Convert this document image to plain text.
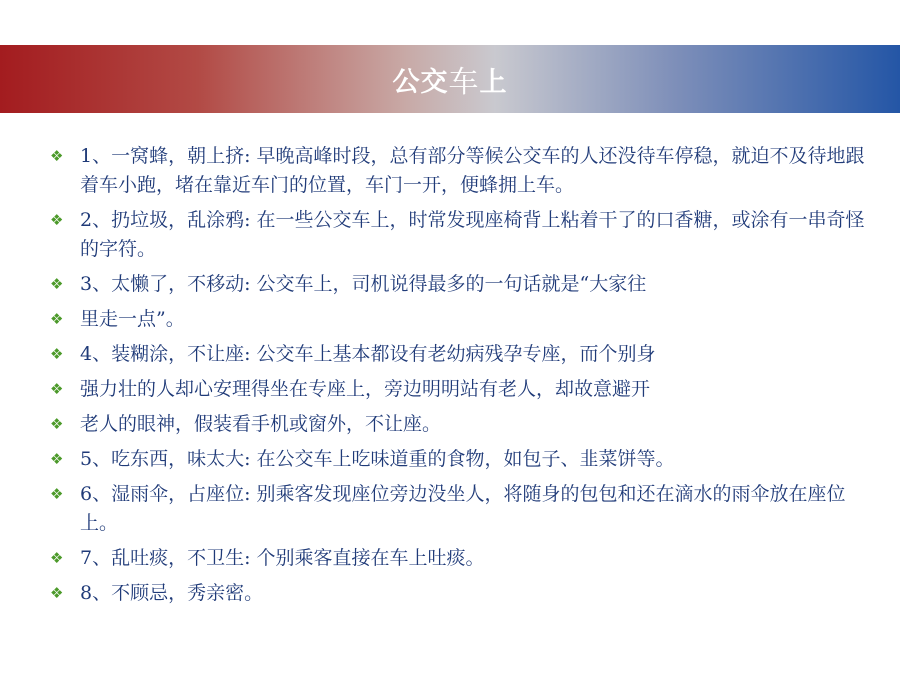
公交 车 上
❖ 1、一窝蜂，朝上挤: 早晚高峰时段，总有部分等候公交车的人还没待车停稳，就迫不及待地跟着车小跑，堵在靠近车门的位置，车门一开，便蜂拥上车。
❖ 2、扔垃圾，乱涂鸦: 在一些公交车上，时常发现座椅背上粘着干了的口香糖，或涂有一串奇怪的字符。
❖ 3、太懒了，不移动: 公交车上，司机说得最多的一句话就是“大家往
❖ 里走一点”。
❖ 4、装糊涂，不让座: 公交车上基本都设有老幼病残孕专座，而个别身
❖ 强力壮的人却心安理得坐在专座上，旁边明明站有老人，却故意避开
❖ 老人的眼神，假装看手机或窗外，不让座。
❖ 5、吃东西，味太大: 在公交车上吃味道重的食物，如包子、韭菜饼等。
❖ 6、湿雨伞，占座位: 别乘客发现座位旁边没坐人，将随身的包包和还在滴水的雨伞放在座位上。
❖ 7、乱吐痰，不卫生: 个别乘客直接在车上吐痰。
❖ 8、不顾忌，秀亲密。
